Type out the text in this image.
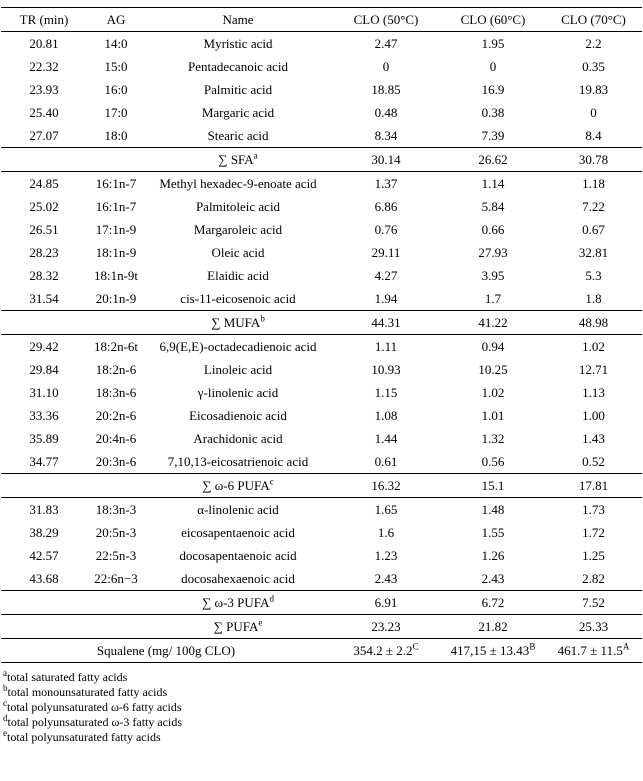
TR (min)	AG	Name	CLO (50°C)	CLO (60°C)	CLO (70°C)
20.81	14:0	Myristic acid	2.47	1.95	2.2
22.32	15:0	Pentadecanoic acid	0	0	0.35
23.93	16:0	Palmitic acid	18.85	16.9	19.83
25.40	17:0	Margaric acid	0.48	0.38	0
27.07	18:0	Stearic acid	8.34	7.39	8.4
		∑ SFA$^a$	30.14	26.62	30.78
24.85	16:1n-7	Methyl hexadec-9-enoate acid	1.37	1.14	1.18
25.02	16:1n-7	Palmitoleic acid	6.86	5.84	7.22
26.51	17:1n-9	Margaroleic acid	0.76	0.66	0.67
28.23	18:1n-9	Oleic acid	29.11	27.93	32.81
28.32	18:1n-9t	Elaidic acid	4.27	3.95	5.3
31.54	20:1n-9	cis-11-eicosenoic acid	1.94	1.7	1.8
		∑ MUFA$^b$	44.31	41.22	48.98
29.42	18:2n-6t	6,9(E,E)-octadecadienoic acid	1.11	0.94	1.02
29.84	18:2n-6	Linoleic acid	10.93	10.25	12.71
31.10	18:3n-6	γ-linolenic acid	1.15	1.02	1.13
33.36	20:2n-6	Eicosadienoic acid	1.08	1.01	1.00
35.89	20:4n-6	Arachidonic acid	1.44	1.32	1.43
34.77	20:3n-6	7,10,13-eicosatrienoic acid	0.61	0.56	0.52
		∑ ω-6 PUFA$^c$	16.32	15.1	17.81
31.83	18:3n-3	α-linolenic acid	1.65	1.48	1.73
38.29	20:5n-3	eicosapentaenoic acid	1.6	1.55	1.72
42.57	22:5n-3	docosapentaenoic acid	1.23	1.26	1.25
43.68	22:6n−3	docosahexaenoic acid	2.43	2.43	2.82
		∑ ω-3 PUFA$^d$	6.91	6.72	7.52
		∑ PUFA$^e$	23.23	21.82	25.33
Squalene (mg/ 100g CLO)			$354.2 \pm 2.2^C$	$417,15 \pm 13.43^B$	$461.7 \pm 11.5^A$
$^a$total saturated fatty acids
$^b$total monounsaturated fatty acids
$^c$total polyunsaturated ω-6 fatty acids
$^d$total polyunsaturated ω-3 fatty acids
$^e$total polyunsaturated fatty acids
